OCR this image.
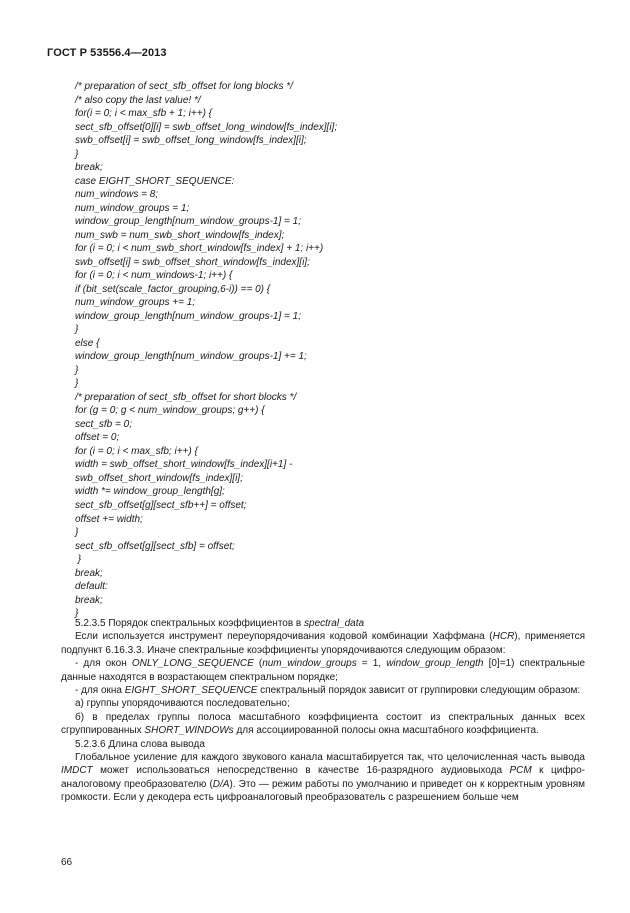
ГОСТ Р 53556.4—2013
/* preparation of sect_sfb_offset for long blocks */
/* also copy the last value! */
for(i = 0; i < max_sfb + 1; i++) {
sect_sfb_offset[0][i] = swb_offset_long_window[fs_index][i];
swb_offset[i] = swb_offset_long_window[fs_index][i];
}
break;
case EIGHT_SHORT_SEQUENCE:
num_windows = 8;
num_window_groups = 1;
window_group_length[num_window_groups-1] = 1;
num_swb = num_swb_short_window[fs_index];
for (i = 0; i < num_swb_short_window[fs_index] + 1; i++)
swb_offset[i] = swb_offset_short_window[fs_index][i];
for (i = 0; i < num_windows-1; i++) {
if (bit_set(scale_factor_grouping,6-i)) == 0) {
num_window_groups += 1;
window_group_length[num_window_groups-1] = 1;
}
else {
window_group_length[num_window_groups-1] += 1;
}
}
/* preparation of sect_sfb_offset for short blocks */
for (g = 0; g < num_window_groups; g++) {
sect_sfb = 0;
offset = 0;
for (i = 0; i < max_sfb; i++) {
width = swb_offset_short_window[fs_index][i+1] -
swb_offset_short_window[fs_index][i];
width *= window_group_length[g];
sect_sfb_offset[g][sect_sfb++] = offset;
offset += width;
}
sect_sfb_offset[g][sect_sfb] = offset;
}
break;
default:
break;
}
5.2.3.5 Порядок спектральных коэффициентов в spectral_data
Если используется инструмент переупорядочивания кодовой комбинации Хаффмана (HCR), применяется подпункт 6.16.3.3. Иначе спектральные коэффициенты упорядочиваются следующим образом:
- для окон ONLY_LONG_SEQUENCE (num_window_groups = 1, window_group_length [0]=1) спектральные данные находятся в возрастающем спектральном порядке;
- для окна EIGHT_SHORT_SEQUENCE спектральный порядок зависит от группировки следующим образом:
а) группы упорядочиваются последовательно;
б) в пределах группы полоса масштабного коэффициента состоит из спектральных данных всех сгруппированных SHORT_WINDOWs для ассоциированной полосы окна масштабного коэффициента.
5.2.3.6 Длина слова вывода
Глобальное усиление для каждого звукового канала масштабируется так, что целочисленная часть вывода IMDCT может использоваться непосредственно в качестве 16-разрядного аудиовыхода PCM к цифро-аналоговому преобразователю (D/A). Это — режим работы по умолчанию и приведет он к корректным уровням громкости. Если у декодера есть цифроаналоговый преобразователь с разрешением больше чем
66
